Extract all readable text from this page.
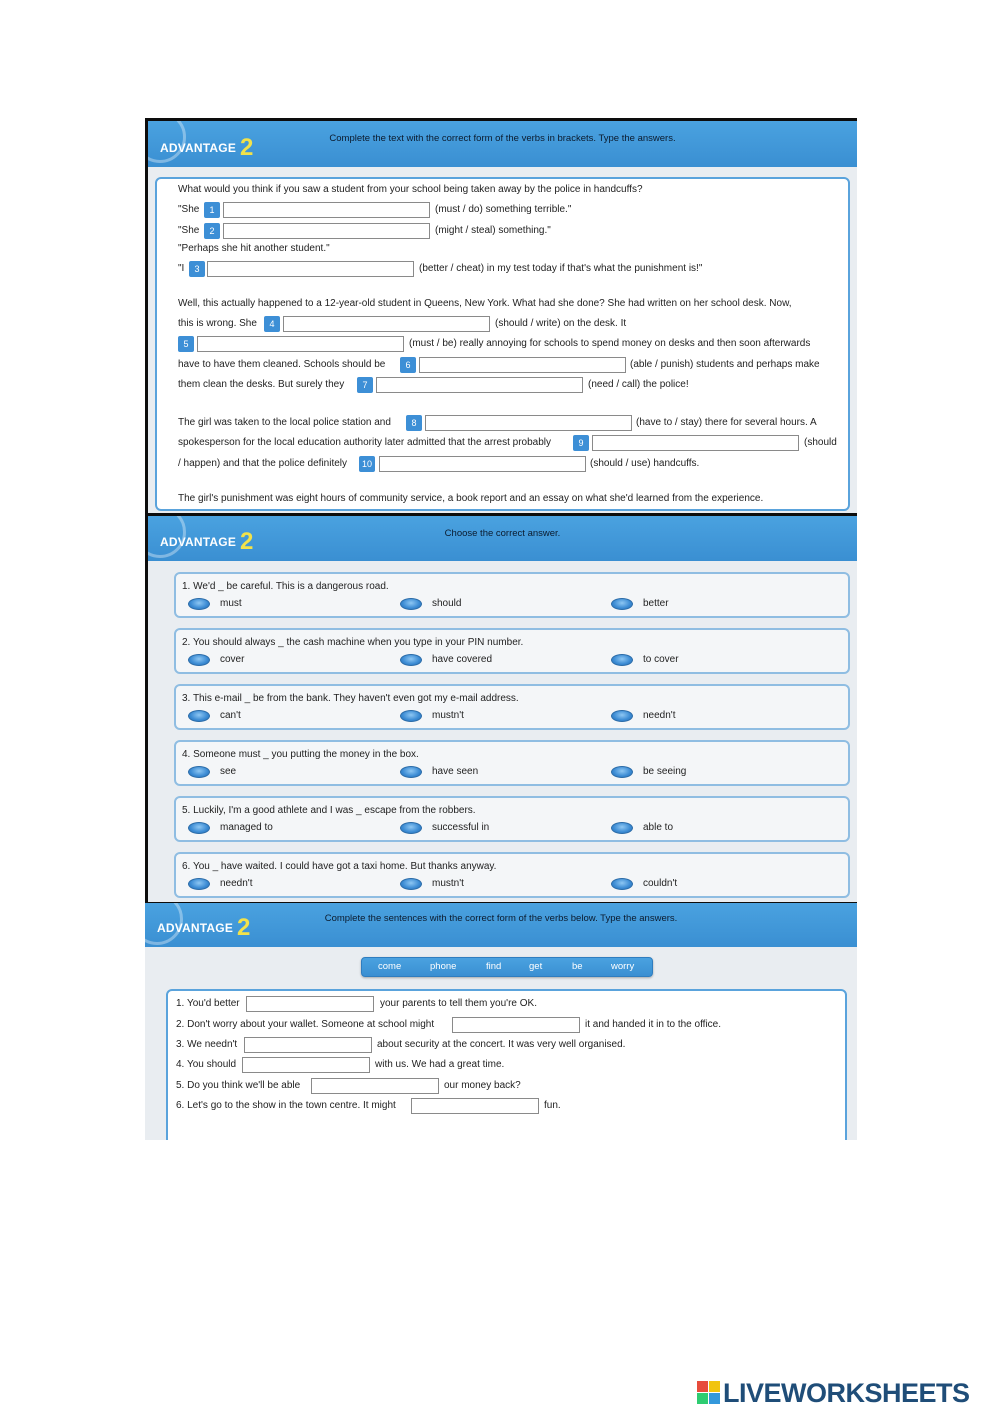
ADVANTAGE 2	Complete the text with the correct form of the verbs in brackets. Type the answers.
What would you think if you saw a student from your school being taken away by the police in handcuffs?
"She	1	(must / do) something terrible."
"She	2	(might / steal) something."
"Perhaps she hit another student."
"I	3	(better / cheat) in my test today if that's what the punishment is!"
Well, this actually happened to a 12-year-old student in Queens, New York. What had she done? She had written on her school desk. Now,
this is wrong. She	4	(should / write) on the desk. It
5	(must / be) really annoying for schools to spend money on desks and then soon afterwards
have to have them cleaned. Schools should be	6	(able / punish) students and perhaps make
them clean the desks. But surely they	7	(need / call) the police!
The girl was taken to the local police station and	8	(have to / stay) there for several hours. A
spokesperson for the local education authority later admitted that the arrest probably	9	(should
/ happen) and that the police definitely	10	(should / use) handcuffs.
The girl's punishment was eight hours of community service, a book report and an essay on what she'd learned from the experience.
ADVANTAGE 2	Choose the correct answer.
1. We'd _ be careful. This is a dangerous road.
must	should	better
2. You should always _ the cash machine when you type in your PIN number.
cover	have covered	to cover
3. This e-mail _ be from the bank. They haven't even got my e-mail address.
can't	mustn't	needn't
4. Someone must _ you putting the money in the box.
see	have seen	be seeing
5. Luckily, I'm a good athlete and I was _ escape from the robbers.
managed to	successful in	able to
6. You _ have waited. I could have got a taxi home. But thanks anyway.
needn't	mustn't	couldn't
ADVANTAGE 2	Complete the sentences with the correct form of the verbs below. Type the answers.
come	phone	find	get	be	worry
1. You'd better	your parents to tell them you're OK.
2. Don't worry about your wallet. Someone at school might	it and handed it in to the office.
3. We needn't	about security at the concert. It was very well organised.
4. You should	with us. We had a great time.
5. Do you think we'll be able	our money back?
6. Let's go to the show in the town centre. It might	fun.
LIVEWORKSHEETS
